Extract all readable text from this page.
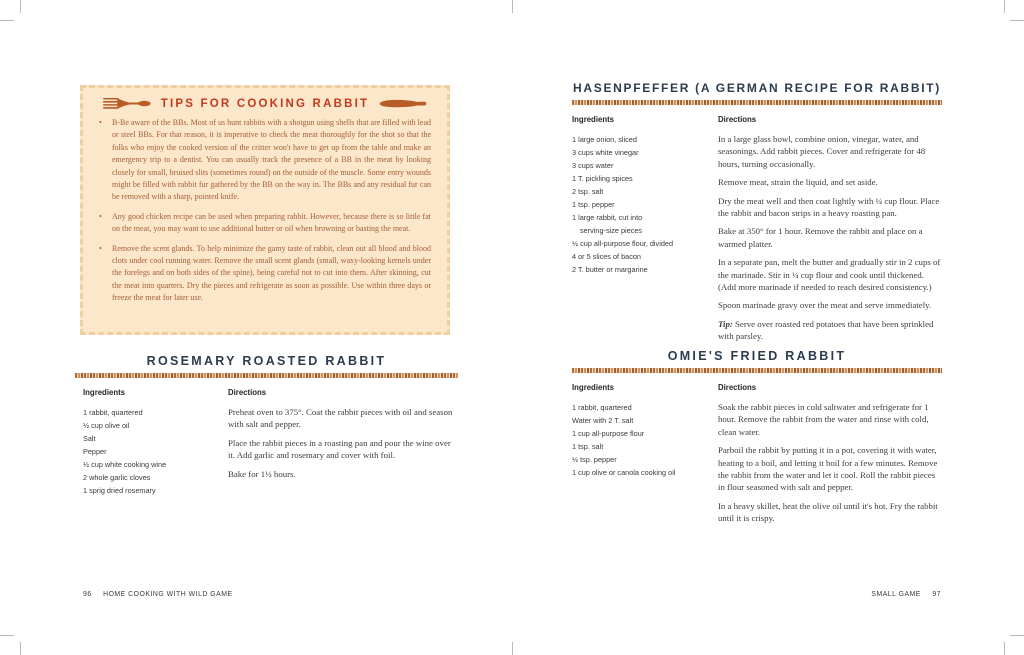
TIPS FOR COOKING RABBIT
•	B-Be aware of the BBs. Most of us hunt rabbits with a shotgun using shells that are filled with lead or steel BBs. For that reason, it is imperative to check the meat thoroughly for the shot so that the folks who enjoy the cooked version of the critter won't have to get up from the table and make an emergency trip to a dentist. You can usually track the presence of a BB in the meat by looking closely for small, bruised slits (sometimes round) on the outside of the muscle. Some entry wounds might be filled with rabbit fur gathered by the BB on the way in. The BBs and any residual fur can be removed with a sharp, pointed knife.
•	Any good chicken recipe can be used when preparing rabbit. However, because there is so little fat on the meat, you may want to use additional butter or oil when browning or basting the meat.
•	Remove the scent glands. To help minimize the gamy taste of rabbit, clean out all blood and blood clots under cool running water. Remove the small scent glands (small, waxy-looking kernels under the forelegs and on both sides of the spine), being careful not to cut into them. After skinning, cut the meat into quarters. Dry the pieces and refrigerate as soon as possible. Use within three days or freeze the meat for later use.
ROSEMARY ROASTED RABBIT
Ingredients
1 rabbit, quartered
½ cup olive oil
Salt
Pepper
½ cup white cooking wine
2 whole garlic cloves
1 sprig dried rosemary
Directions
Preheat oven to 375°. Coat the rabbit pieces with oil and season with salt and pepper.
Place the rabbit pieces in a roasting pan and pour the wine over it. Add garlic and rosemary and cover with foil.
Bake for 1½ hours.
96 HOME COOKING WITH WILD GAME
HASENPFEFFER (A GERMAN RECIPE FOR RABBIT)
Ingredients
1 large onion, sliced
3 cups white vinegar
3 cups water
1 T. pickling spices
2 tsp. salt
1 tsp. pepper
1 large rabbit, cut into
serving-size pieces
½ cup all-purpose flour, divided
4 or 5 slices of bacon
2 T. butter or margarine
Directions
In a large glass bowl, combine onion, vinegar, water, and seasonings. Add rabbit pieces. Cover and refrigerate for 48 hours, turning occasionally.
Remove meat, strain the liquid, and set aside.
Dry the meat well and then coat lightly with ¼ cup flour. Place the rabbit and bacon strips in a heavy roasting pan.
Bake at 350° for 1 hour. Remove the rabbit and place on a warmed platter.
In a separate pan, melt the butter and gradually stir in 2 cups of the marinade. Stir in ¼ cup flour and cook until thickened. (Add more marinade if needed to reach desired consistency.)
Spoon marinade gravy over the meat and serve immediately.
Tip: Serve over roasted red potatoes that have been sprinkled with parsley.
OMIE'S FRIED RABBIT
Ingredients
1 rabbit, quartered
Water with 2 T. salt
1 cup all-purpose flour
1 tsp. salt
½ tsp. pepper
1 cup olive or canola cooking oil
Directions
Soak the rabbit pieces in cold saltwater and refrigerate for 1 hour. Remove the rabbit from the water and rinse with cold, clean water.
Parboil the rabbit by putting it in a pot, covering it with water, heating to a boil, and letting it boil for a few minutes. Remove the rabbit from the water and let it cool. Roll the rabbit pieces in flour seasoned with salt and pepper.
In a heavy skillet, heat the olive oil until it's hot. Fry the rabbit until it is crispy.
SMALL GAME 97
